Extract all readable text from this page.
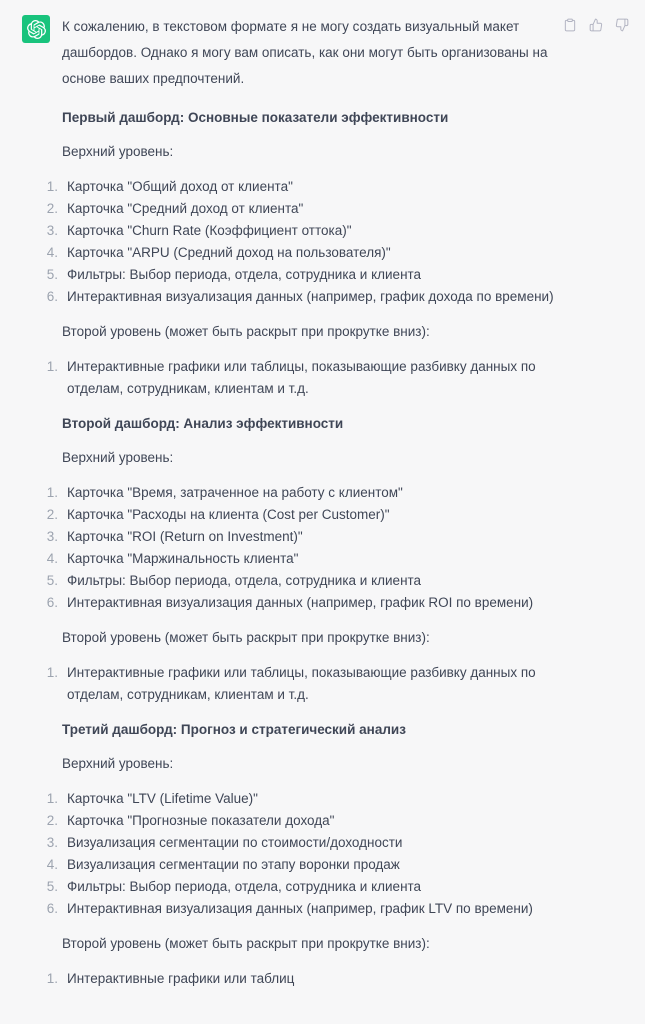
К сожалению, в текстовом формате я не могу создать визуальный макет дашбордов. Однако я могу вам описать, как они могут быть организованы на основе ваших предпочтений.

Первый дашборд: Основные показатели эффективности

Верхний уровень:

1. Карточка "Общий доход от клиента"
2. Карточка "Средний доход от клиента"
3. Карточка "Churn Rate (Коэффициент оттока)"
4. Карточка "ARPU (Средний доход на пользователя)"
5. Фильтры: Выбор периода, отдела, сотрудника и клиента
6. Интерактивная визуализация данных (например, график дохода по времени)

Второй уровень (может быть раскрыт при прокрутке вниз):

1. Интерактивные графики или таблицы, показывающие разбивку данных по отделам, сотрудникам, клиентам и т.д.

Второй дашборд: Анализ эффективности

Верхний уровень:

1. Карточка "Время, затраченное на работу с клиентом"
2. Карточка "Расходы на клиента (Cost per Customer)"
3. Карточка "ROI (Return on Investment)"
4. Карточка "Маржинальность клиента"
5. Фильтры: Выбор периода, отдела, сотрудника и клиента
6. Интерактивная визуализация данных (например, график ROI по времени)

Второй уровень (может быть раскрыт при прокрутке вниз):

1. Интерактивные графики или таблицы, показывающие разбивку данных по отделам, сотрудникам, клиентам и т.д.

Третий дашборд: Прогноз и стратегический анализ

Верхний уровень:

1. Карточка "LTV (Lifetime Value)"
2. Карточка "Прогнозные показатели дохода"
3. Визуализация сегментации по стоимости/доходности
4. Визуализация сегментации по этапу воронки продаж
5. Фильтры: Выбор периода, отдела, сотрудника и клиента
6. Интерактивная визуализация данных (например, график LTV по времени)

Второй уровень (может быть раскрыт при прокрутке вниз):

1. Интерактивные графики или таблиц
